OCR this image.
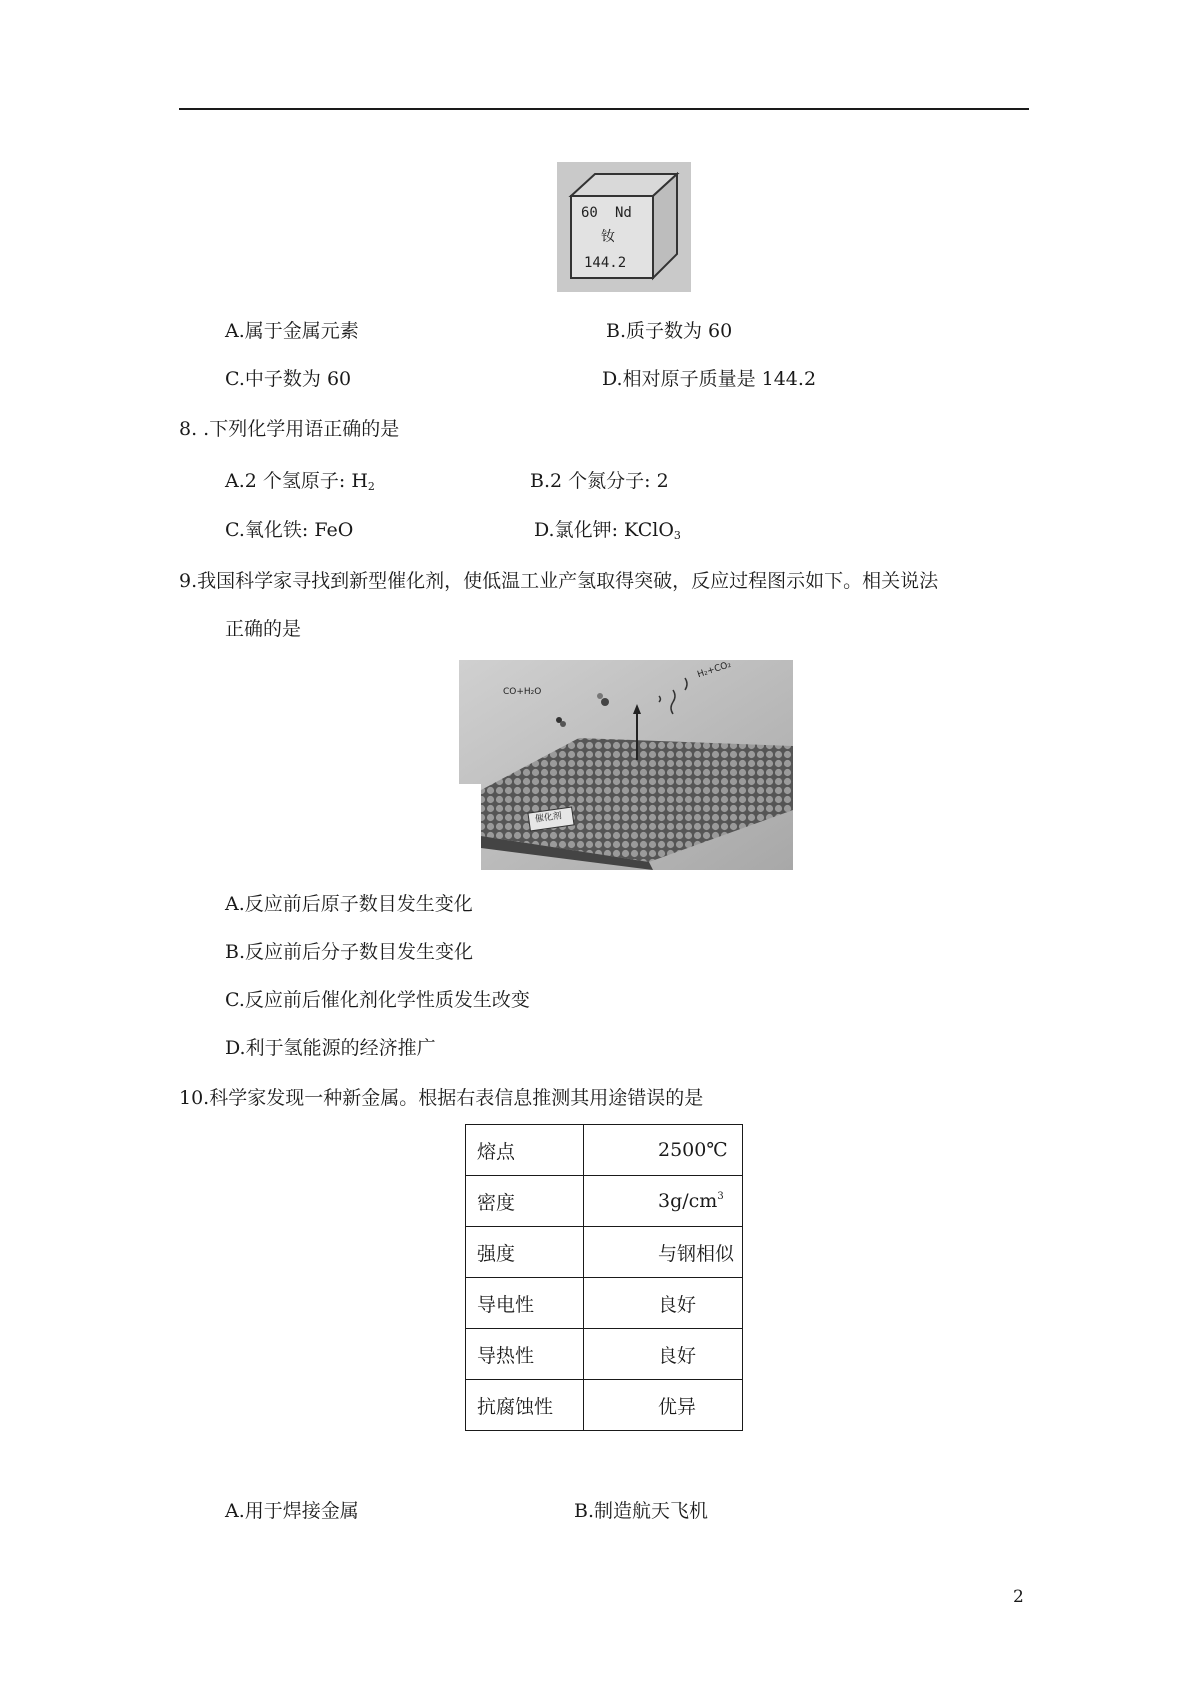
60 Nd
钕
144.2
A.属于金属元素	B.质子数为 60
C.中子数为 60	D.相对原子质量是 144.2
8. .下列化学用语正确的是
A.2 个氢原子: $H_2$	B.2 个氮分子: 2
C.氧化铁: FeO	D.氯化钾: KClO$_3$
9.我国科学家寻找到新型催化剂，使低温工业产氢取得突破，反应过程图示如下。相关说法
正确的是
CO+H₂O
H₂+CO₂
催化剂
A.反应前后原子数目发生变化
B.反应前后分子数目发生变化
C.反应前后催化剂化学性质发生改变
D.利于氢能源的经济推广
10.科学家发现一种新金属。根据右表信息推测其用途错误的是
熔点	2500℃
密度	$3g/cm^3$
强度	与钢相似
导电性	良好
导热性	良好
抗腐蚀性	优异
A.用于焊接金属	B.制造航天飞机
2
